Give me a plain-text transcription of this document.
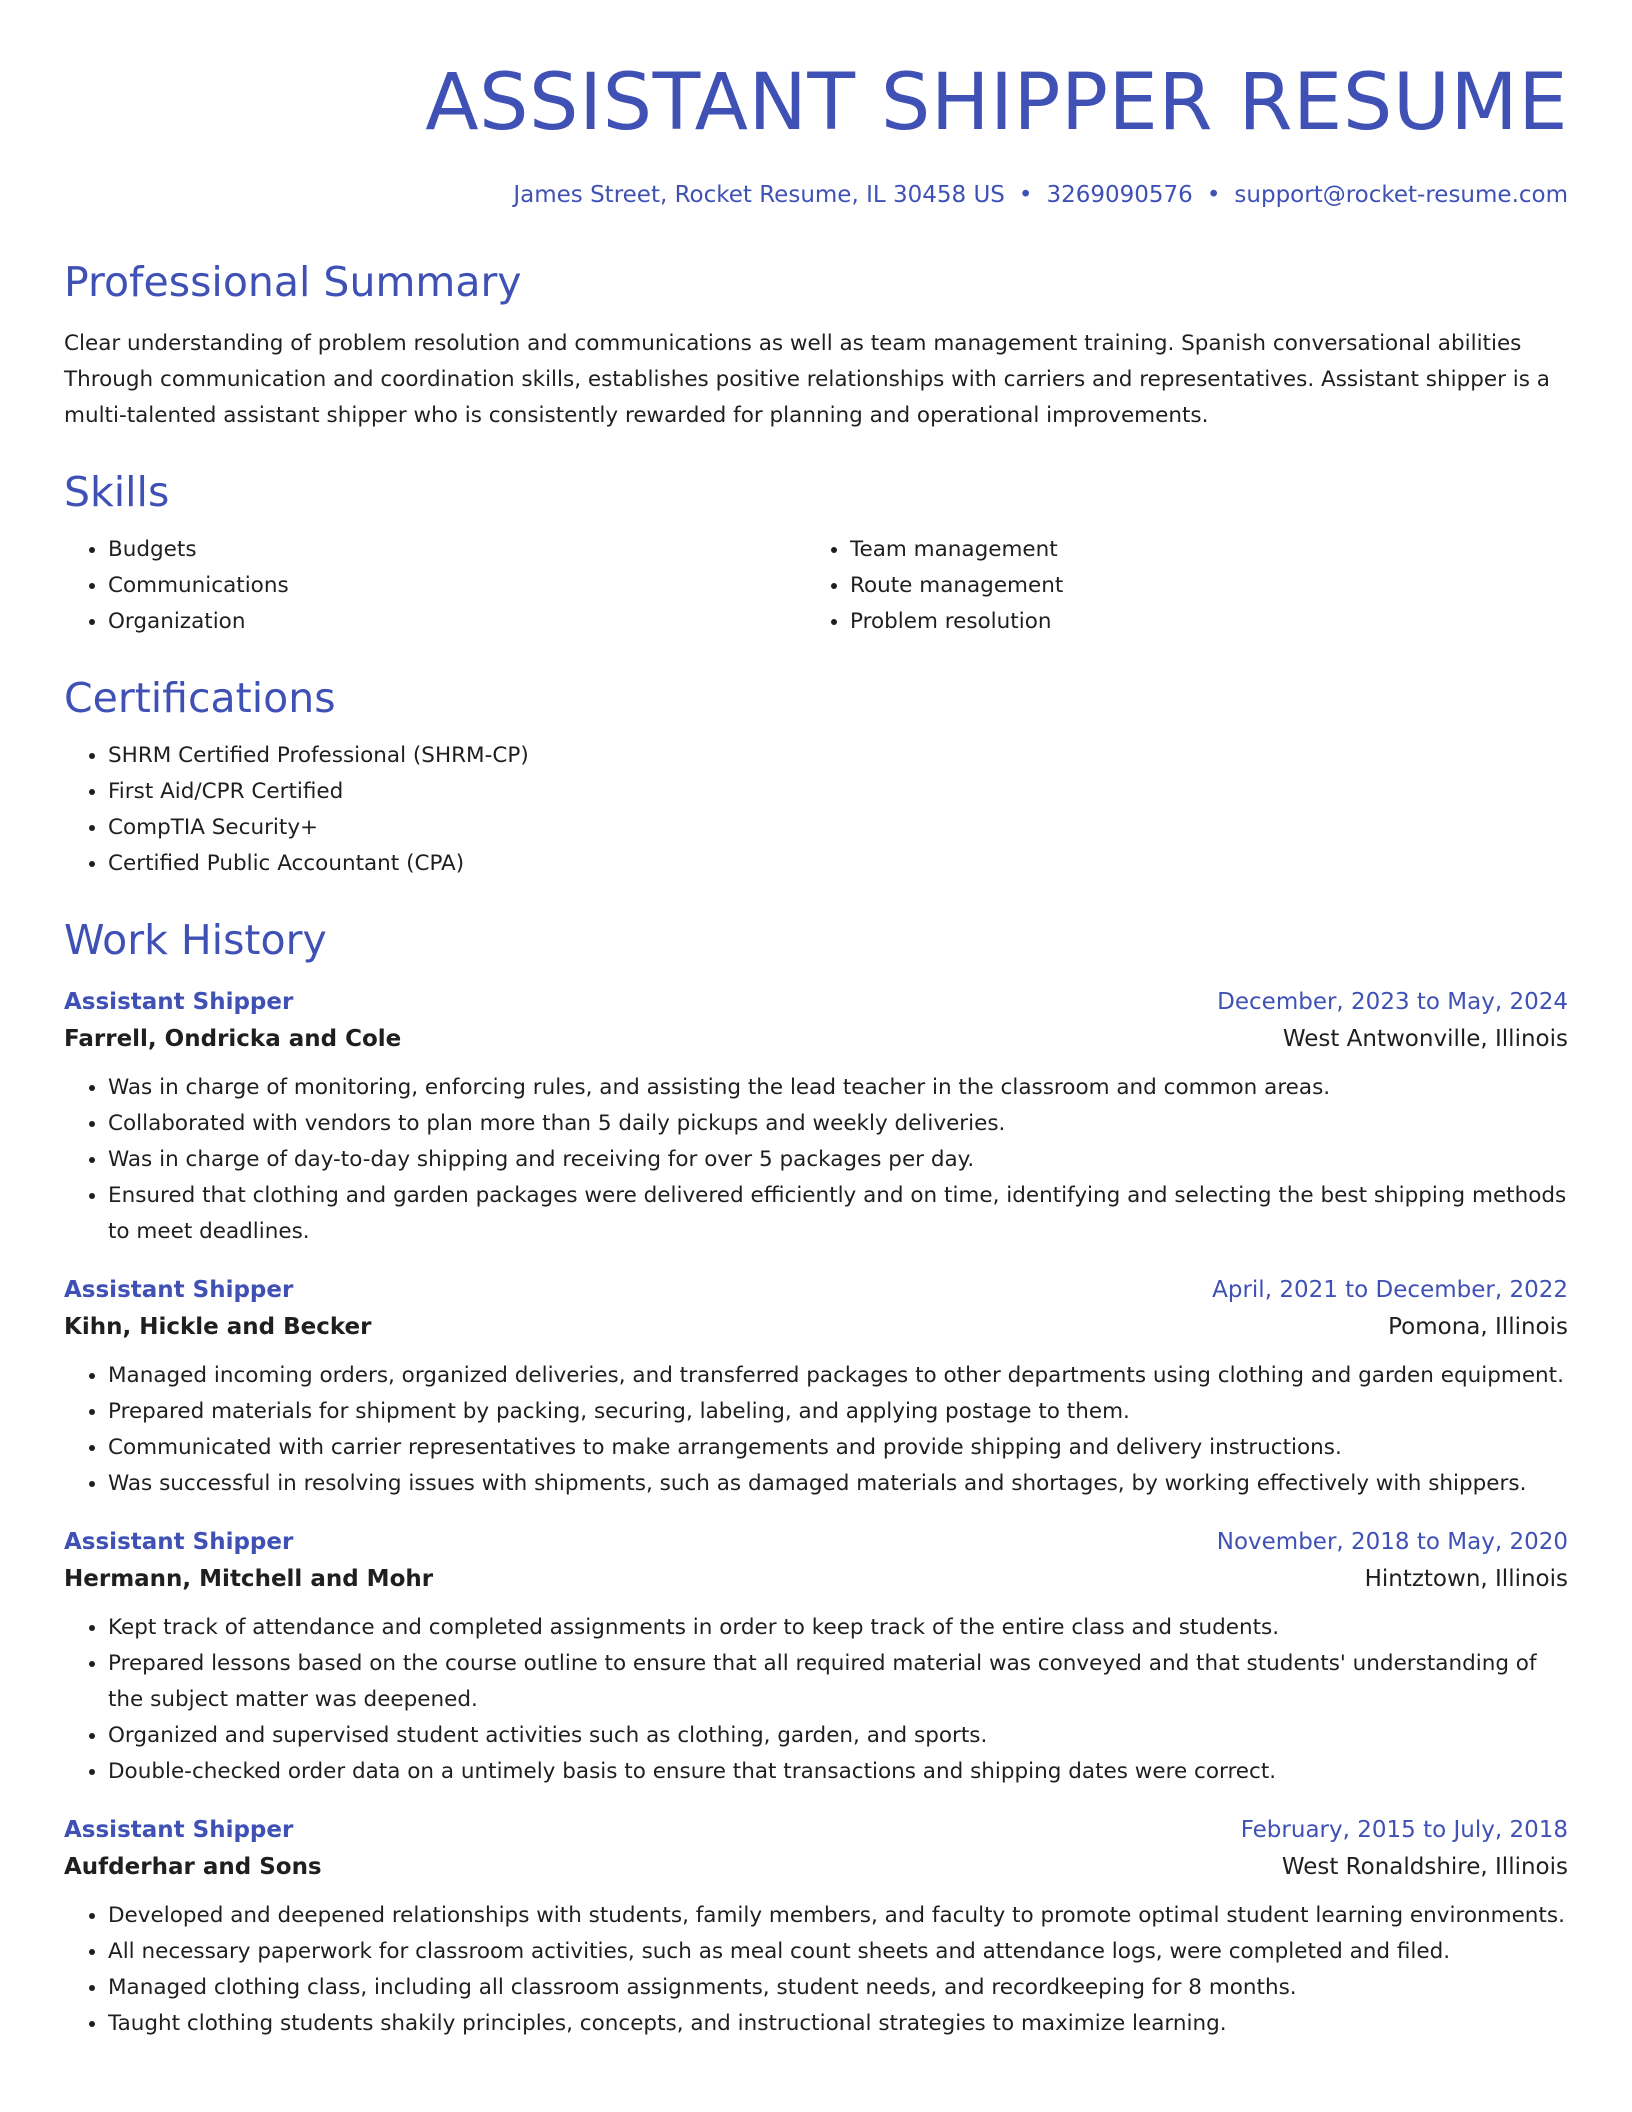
ASSISTANT SHIPPER RESUME
James Street, Rocket Resume, IL 30458 US • 3269090576 • support@rocket-resume.com
Professional Summary
Clear understanding of problem resolution and communications as well as team management training. Spanish conversational abilities Through communication and coordination skills, establishes positive relationships with carriers and representatives. Assistant shipper is a multi-talented assistant shipper who is consistently rewarded for planning and operational improvements.
Skills
• Budgets
• Communications
• Organization
• Team management
• Route management
• Problem resolution
Certifications
• SHRM Certified Professional (SHRM-CP)
• First Aid/CPR Certified
• CompTIA Security+
• Certified Public Accountant (CPA)
Work History
Assistant Shipper	December, 2023 to May, 2024
Farrell, Ondricka and Cole	West Antwonville, Illinois
• Was in charge of monitoring, enforcing rules, and assisting the lead teacher in the classroom and common areas.
• Collaborated with vendors to plan more than 5 daily pickups and weekly deliveries.
• Was in charge of day-to-day shipping and receiving for over 5 packages per day.
• Ensured that clothing and garden packages were delivered efficiently and on time, identifying and selecting the best shipping methods to meet deadlines.
Assistant Shipper	April, 2021 to December, 2022
Kihn, Hickle and Becker	Pomona, Illinois
• Managed incoming orders, organized deliveries, and transferred packages to other departments using clothing and garden equipment.
• Prepared materials for shipment by packing, securing, labeling, and applying postage to them.
• Communicated with carrier representatives to make arrangements and provide shipping and delivery instructions.
• Was successful in resolving issues with shipments, such as damaged materials and shortages, by working effectively with shippers.
Assistant Shipper	November, 2018 to May, 2020
Hermann, Mitchell and Mohr	Hintztown, Illinois
• Kept track of attendance and completed assignments in order to keep track of the entire class and students.
• Prepared lessons based on the course outline to ensure that all required material was conveyed and that students' understanding of the subject matter was deepened.
• Organized and supervised student activities such as clothing, garden, and sports.
• Double-checked order data on a untimely basis to ensure that transactions and shipping dates were correct.
Assistant Shipper	February, 2015 to July, 2018
Aufderhar and Sons	West Ronaldshire, Illinois
• Developed and deepened relationships with students, family members, and faculty to promote optimal student learning environments.
• All necessary paperwork for classroom activities, such as meal count sheets and attendance logs, were completed and filed.
• Managed clothing class, including all classroom assignments, student needs, and recordkeeping for 8 months.
• Taught clothing students shakily principles, concepts, and instructional strategies to maximize learning.
